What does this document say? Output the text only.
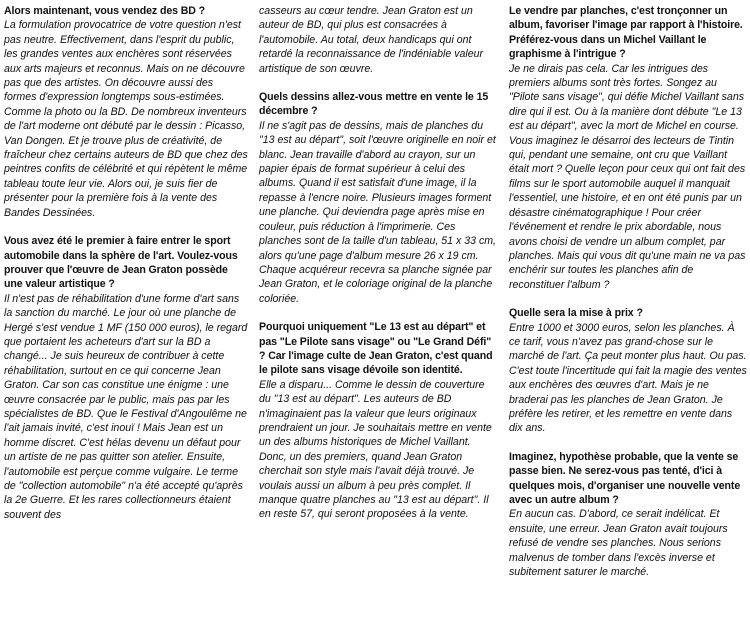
Alors maintenant, vous vendez des BD ?

La formulation provocatrice de votre question n'est pas neutre. Effectivement, dans l'esprit du public, les grandes ventes aux enchères sont réservées aux arts majeurs et reconnus. Mais on ne découvre pas que des artistes. On découvre aussi des formes d'expression longtemps sous-estimées. Comme la photo ou la BD. De nombreux inventeurs de l'art moderne ont débuté par le dessin : Picasso, Van Dongen. Et je trouve plus de créativité, de fraîcheur chez certains auteurs de BD que chez des peintres confits de célébrité et qui répètent le même tableau toute leur vie. Alors oui, je suis fier de présenter pour la première fois à la vente des Bandes Dessinées.

Vous avez été le premier à faire entrer le sport automobile dans la sphère de l'art. Voulez-vous prouver que l'œuvre de Jean Graton possède une valeur artistique ?

Il n'est pas de réhabilitation d'une forme d'art sans la sanction du marché. Le jour où une planche de Hergé s'est vendue 1 MF (150 000 euros), le regard que portaient les acheteurs d'art sur la BD a changé... Je suis heureux de contribuer à cette réhabilitation, surtout en ce qui concerne Jean Graton. Car son cas constitue une énigme : une œuvre consacrée par le public, mais pas par les spécialistes de BD. Que le Festival d'Angoulême ne l'ait jamais invité, c'est inouï ! Mais Jean est un homme discret. C'est hélas devenu un défaut pour un artiste de ne pas quitter son atelier. Ensuite, l'automobile est perçue comme vulgaire. Le terme de "collection automobile" n'a été accepté qu'après la 2e Guerre. Et les rares collectionneurs étaient souvent des

casseurs au cœur tendre. Jean Graton est un auteur de BD, qui plus est consacrées à l'automobile. Au total, deux handicaps qui ont retardé la reconnaissance de l'indéniable valeur artistique de son œuvre.

Quels dessins allez-vous mettre en vente le 15 décembre ?

Il ne s'agit pas de dessins, mais de planches du "13 est au départ", soit l'œuvre originelle en noir et blanc. Jean travaille d'abord au crayon, sur un papier épais de format supérieur à celui des albums. Quand il est satisfait d'une image, il la repasse à l'encre noire. Plusieurs images forment une planche. Qui deviendra page après mise en couleur, puis réduction à l'imprimerie. Ces planches sont de la taille d'un tableau, 51 x 33 cm, alors qu'une page d'album mesure 26 x 19 cm. Chaque acquéreur recevra sa planche signée par Jean Graton, et le coloriage original de la planche coloriée.

Pourquoi uniquement "Le 13 est au départ" et pas "Le Pilote sans visage" ou "Le Grand Défi" ? Car l'image culte de Jean Graton, c'est quand le pilote sans visage dévoile son identité.

Elle a disparu... Comme le dessin de couverture du "13 est au départ". Les auteurs de BD n'imaginaient pas la valeur que leurs originaux prendraient un jour. Je souhaitais mettre en vente un des albums historiques de Michel Vaillant. Donc, un des premiers, quand Jean Graton cherchait son style mais l'avait déjà trouvé. Je voulais aussi un album à peu près complet. Il manque quatre planches au "13 est au départ". Il en reste 57, qui seront proposées à la vente.

Le vendre par planches, c'est tronçonner un album, favoriser l'image par rapport à l'histoire. Préférez-vous dans un Michel Vaillant le graphisme à l'intrigue ?

Je ne dirais pas cela. Car les intrigues des premiers albums sont très fortes. Songez au "Pilote sans visage", qui défie Michel Vaillant sans dire qui il est. Ou à la manière dont débute "Le 13 est au départ", avec la mort de Michel en course. Vous imaginez le désarroi des lecteurs de Tintin qui, pendant une semaine, ont cru que Vaillant était mort ? Quelle leçon pour ceux qui ont fait des films sur le sport automobile auquel il manquait l'essentiel, une histoire, et en ont été punis par un désastre cinématographique ! Pour créer l'événement et rendre le prix abordable, nous avons choisi de vendre un album complet, par planches. Mais qui vous dit qu'une main ne va pas enchérir sur toutes les planches afin de reconstituer l'album ?

Quelle sera la mise à prix ?

Entre 1000 et 3000 euros, selon les planches. À ce tarif, vous n'avez pas grand-chose sur le marché de l'art. Ça peut monter plus haut. Ou pas. C'est toute l'incertitude qui fait la magie des ventes aux enchères des œuvres d'art. Mais je ne braderai pas les planches de Jean Graton. Je préfère les retirer, et les remettre en vente dans dix ans.

Imaginez, hypothèse probable, que la vente se passe bien. Ne serez-vous pas tenté, d'ici à quelques mois, d'organiser une nouvelle vente avec un autre album ?

En aucun cas. D'abord, ce serait indélicat. Et ensuite, une erreur. Jean Graton avait toujours refusé de vendre ses planches. Nous serions malvenus de tomber dans l'excès inverse et subitement saturer le marché.
